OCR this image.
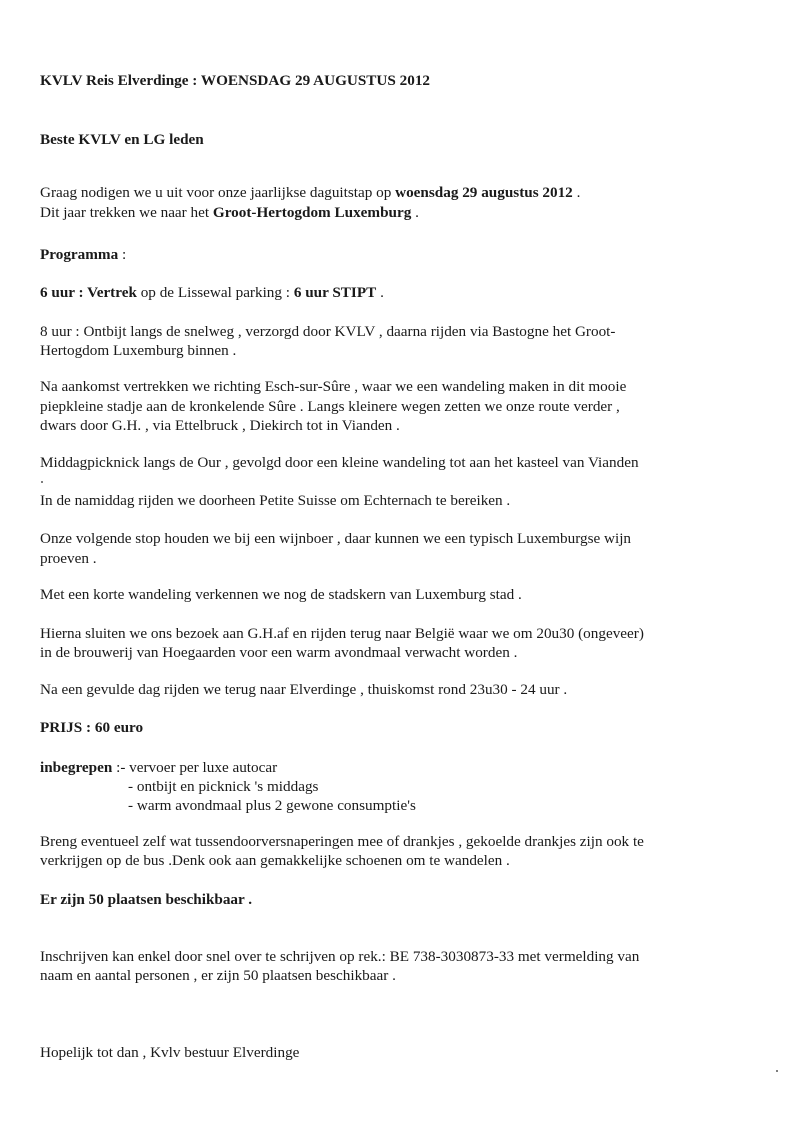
KVLV Reis Elverdinge : WOENSDAG 29 AUGUSTUS 2012
Beste KVLV en LG leden
Graag nodigen we u uit voor onze jaarlijkse daguitstap op woensdag 29 augustus 2012 .
Dit jaar trekken we naar het Groot-Hertogdom Luxemburg .
Programma :
6 uur : Vertrek op de Lissewal parking : 6 uur STIPT .
8 uur : Ontbijt langs de snelweg , verzorgd door KVLV , daarna rijden via Bastogne het Groot-
Hertogdom Luxemburg binnen .
Na aankomst vertrekken we richting Esch-sur-Sûre , waar we een wandeling maken in dit mooie
piepkleine stadje aan de kronkelende Sûre . Langs kleinere wegen zetten we onze route verder ,
dwars door G.H. , via Ettelbruck , Diekirch tot in Vianden .
Middagpicknick langs de Our , gevolgd door een kleine wandeling tot aan het kasteel van Vianden
In de namiddag rijden we doorheen Petite Suisse om Echternach te bereiken .
Onze volgende stop houden we bij een wijnboer , daar kunnen we een typisch Luxemburgse wijn
proeven .
Met een korte wandeling verkennen we nog de stadskern van Luxemburg stad .
Hierna sluiten we ons bezoek aan G.H.af en rijden terug naar België waar we om 20u30 (ongeveer)
in de brouwerij van Hoegaarden voor een warm avondmaal verwacht worden .
Na een gevulde dag rijden we terug naar Elverdinge , thuiskomst rond 23u30 - 24 uur .
PRIJS : 60 euro
inbegrepen :- vervoer per luxe autocar
- ontbijt en picknick 's middags
- warm avondmaal plus 2 gewone consumptie's
Breng eventueel zelf wat tussendoorversnaperingen mee of drankjes , gekoelde drankjes zijn ook te
verkrijgen op de bus .Denk ook aan gemakkelijke schoenen om te wandelen .
Er zijn 50 plaatsen beschikbaar .
Inschrijven kan enkel door snel over te schrijven op rek.: BE 738-3030873-33 met vermelding van
naam en aantal personen , er zijn 50 plaatsen beschikbaar .
Hopelijk tot dan , Kvlv bestuur Elverdinge
